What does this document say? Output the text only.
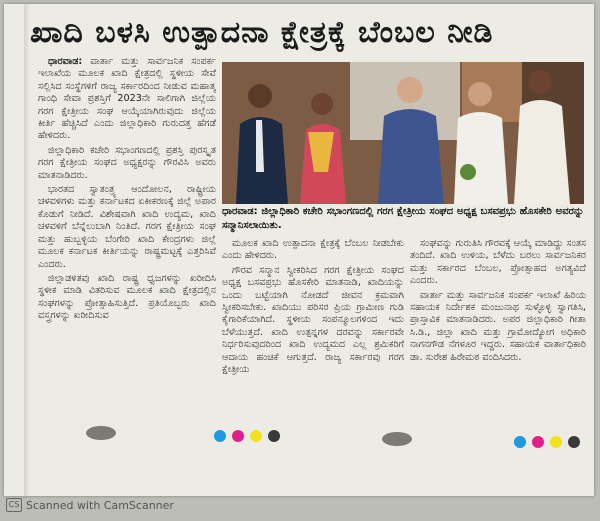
ಖಾದಿ ಬಳಸಿ ಉತ್ಪಾದನಾ ಕ್ಷೇತ್ರಕ್ಕೆ ಬೆಂಬಲ ನೀಡಿ

ಧಾರವಾಡ: ವಾರ್ತಾ ಮತ್ತು ಸಾರ್ವಜನಿಕ ಸಂಪರ್ಕ ಇಲಾಖೆಯ ಮೂಲಕ ಖಾದಿ ಕ್ಷೇತ್ರದಲ್ಲಿ ಸ್ಥಳೀಯ ಸೇವೆ ಸಲ್ಲಿಸಿದ ಸಂಸ್ಥೆಗಳಿಗೆ ರಾಜ್ಯ ಸರ್ಕಾರದಿಂದ ನೀಡುವ ಮಹಾತ್ಮ ಗಾಂಧಿ ಸೇವಾ ಪ್ರಶಸ್ತಿಗೆ 2023ನೇ ಸಾಲಿಗಾಗಿ ಜಿಲ್ಲೆಯ ಗರಗ ಕ್ಷೇತ್ರೀಯ ಸಂಘ ಆಯ್ಕೆಯಾಗಿರುವುದು ಜಿಲ್ಲೆಯ ಕೀರ್ತಿ ಹೆಚ್ಚಿಸಿದೆ ಎಂದು ಜಿಲ್ಲಾಧಿಕಾರಿ ಗುರುದತ್ತ ಹೆಗಡೆ ಹೇಳಿದರು.

ಜಿಲ್ಲಾಧಿಕಾರಿ ಕಚೇರಿ ಸಭಾಂಗಣದಲ್ಲಿ ಪ್ರಶಸ್ತಿ ಪುರಸ್ಕೃತ ಗರಗ ಕ್ಷೇತ್ರೀಯ ಸಂಘದ ಅಧ್ಯಕ್ಷರನ್ನು ಗೌರವಿಸಿ ಅವರು ಮಾತನಾಡಿದರು.

ಭಾರತದ ಸ್ವಾತಂತ್ರ್ಯ ಆಂದೋಲನ, ರಾಷ್ಟ್ರೀಯ ಚಳವಳಿಗಳು ಮತ್ತು ಕರ್ನಾಟಕದ ಏಕೀಕರಣಕ್ಕೆ ಜಿಲ್ಲೆ ಅಪಾರ ಕೊಡುಗೆ ನೀಡಿದೆ. ವಿಶೇಷವಾಗಿ ಖಾದಿ ಉದ್ಯಮ, ಖಾದಿ ಚಳವಳಿಗೆ ಬೆನ್ನೆಲುಬಾಗಿ ನಿಂತಿದೆ. ಗರಗ ಕ್ಷೇತ್ರೀಯ ಸಂಘ ಮತ್ತು ಹುಬ್ಬಳ್ಳಿಯ ಬೆಂಗೇರಿ ಖಾದಿ ಕೇಂದ್ರಗಳು ಜಿಲ್ಲೆ ಮೂಲಕ ಕರ್ನಾಟಕ ಕೀರ್ತಿಯನ್ನು ರಾಷ್ಟ್ರಮಟ್ಟಕ್ಕೆ ಎತ್ತರಿಸಿವೆ ಎಂದರು.

ಜಿಲ್ಲಾಡಳಿತವು ಖಾದಿ ರಾಷ್ಟ್ರ ಧ್ವಜಗಳನ್ನು ಖರೀದಿಸಿ ಸ್ಥಳೀಕ ಮಾಡಿ ವಿತರಿಸುವ ಮೂಲಕ ಖಾದಿ ಕ್ಷೇತ್ರದಲ್ಲಿನ ಸಂಘಗಳನ್ನು ಪ್ರೋತ್ಸಾಹಿಸುತ್ತಿದೆ. ಪ್ರತಿಯೊಬ್ಬರು ಖಾದಿ ವಸ್ತ್ರಗಳನ್ನು ಖರೀದಿಸುವ

ಧಾರವಾಡ: ಜಿಲ್ಲಾಧಿಕಾರಿ ಕಚೇರಿ ಸಭಾಂಗಣದಲ್ಲಿ ಗರಗ ಕ್ಷೇತ್ರೀಯ ಸಂಘದ ಅಧ್ಯಕ್ಷ ಬಸವಪ್ರಭು ಹೊಸಕೇರಿ ಅವರನ್ನು ಸನ್ಮಾನಿಸಲಾಯಿತು.

ಮೂಲಕ ಖಾದಿ ಉತ್ಪಾದನಾ ಕ್ಷೇತ್ರಕ್ಕೆ ಬೆಂಬಲ ನೀಡಬೇಕು ಎಂದು ಹೇಳಿದರು.

ಗೌರವ ಸನ್ಮಾನ ಸ್ವೀಕರಿಸಿದ ಗರಗ ಕ್ಷೇತ್ರೀಯ ಸಂಘದ ಅಧ್ಯಕ್ಷ ಬಸವಪ್ರಭು ಹೊಸಕೇರಿ ಮಾತನಾಡಿ, ಖಾದಿಯನ್ನು ಒಂದು ಬಟ್ಟೆಯಾಗಿ ನೋಡದೆ ಜೀವನ ಕ್ರಮವಾಗಿ ಸ್ವೀಕರಿಸಬೇಕು. ಖಾದಿಯು ಪರಿಸರ ಪ್ರಿಯ ಗ್ರಾಮೀಣ ಗುಡಿ ಕೈಗಾರಿಕೆಯಾಗಿದೆ. ಸ್ಥಳೀಯ ಸಂಪನ್ಮೂಲಗಳಿಂದ ಇದು ಬೆಳೆಯುತ್ತದೆ. ಖಾದಿ ಉತ್ಪನ್ನಗಳ ದರವನ್ನು ಸರ್ಕಾರವೇ ನಿರ್ಧರಿಸುವುದರಿಂದ ಖಾದಿ ಉದ್ಯಮದ ಎಲ್ಲ ಶ್ರಮಿಕರಿಗೆ ಆದಾಯ ಹಂಚಿಕೆ ಆಗುತ್ತದೆ. ರಾಜ್ಯ ಸರ್ಕಾರವು ಗರಗ ಕ್ಷೇತ್ರೀಯ

ಸಂಘವನ್ನು ಗುರುತಿಸಿ ಗೌರವಕ್ಕೆ ಆಯ್ಕೆ ಮಾಡಿದ್ದು ಸಂತಸ ತಂದಿದೆ. ಖಾದಿ ಉಳಿಯ, ಬೆಳೆದು ಬರಲು ಸಾರ್ವಜನಿಕರ ಮತ್ತು ಸರ್ಕಾರದ ಬೆಂಬಲ, ಪ್ರೋತ್ಸಾಹದ ಅಗತ್ಯವಿದೆ ಎಂದರು.

ವಾರ್ತಾ ಮತ್ತು ಸಾರ್ವಜನಿಕ ಸಂಪರ್ಕ ಇಲಾಖೆ ಹಿರಿಯ ಸಹಾಯಕ ನಿರ್ದೇಶಕ ಮಂಜುನಾಥ ಸುಳ್ಳೊಳ್ಳಿ ಸ್ವಾಗತಿಸಿ, ಪ್ರಾಸ್ತಾವಿಕ ಮಾತನಾಡಿದರು. ಅಪರ ಜಿಲ್ಲಾಧಿಕಾರಿ ಗೀತಾ ಸಿ.ಡಿ., ಜಿಲ್ಲಾ ಖಾದಿ ಮತ್ತು ಗ್ರಾಮೋದ್ಯೋಗ ಅಧಿಕಾರಿ ನಾಗನಗೌಡ ನೆಗಳೂರ ಇದ್ದರು. ಸಹಾಯಕ ವಾರ್ತಾಧಿಕಾರಿ ಡಾ. ಸುರೇಶ ಹಿರೇಮಠ ವಂದಿಸಿದರು.

CS Scanned with CamScanner
